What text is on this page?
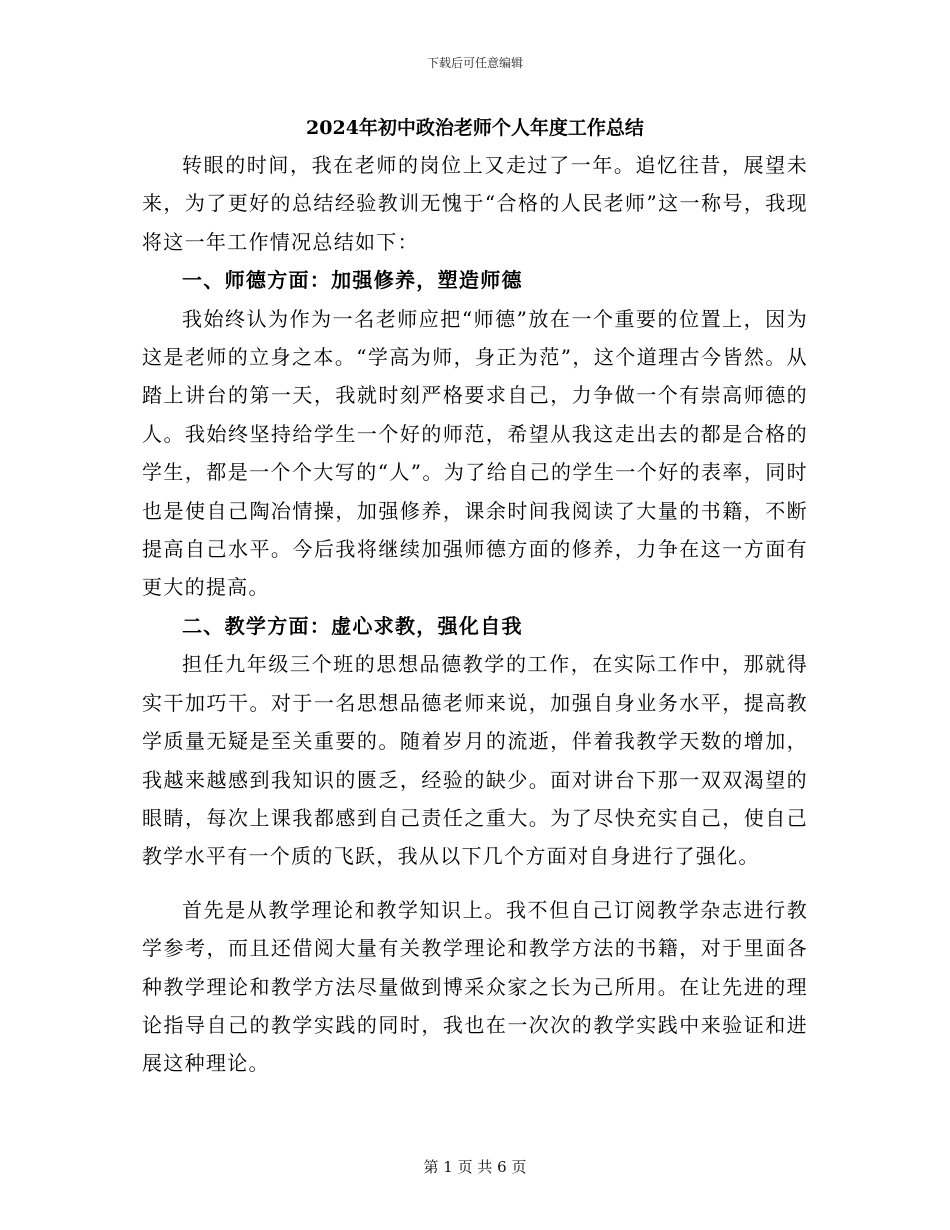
下载后可任意编辑
2024年初中政治老师个人年度工作总结

转眼的时间，我在老师的岗位上又走过了一年。追忆往昔，展望未来，为了更好的总结经验教训无愧于“合格的人民老师”这一称号，我现将这一年工作情况总结如下：

一、师德方面：加强修养，塑造师德

我始终认为作为一名老师应把“师德”放在一个重要的位置上，因为这是老师的立身之本。“学高为师，身正为范”，这个道理古今皆然。从踏上讲台的第一天，我就时刻严格要求自己，力争做一个有崇高师德的人。我始终坚持给学生一个好的师范，希望从我这走出去的都是合格的学生，都是一个个大写的“人”。为了给自己的学生一个好的表率，同时也是使自己陶冶情操，加强修养，课余时间我阅读了大量的书籍，不断提高自己水平。今后我将继续加强师德方面的修养，力争在这一方面有更大的提高。

二、教学方面：虚心求教，强化自我

担任九年级三个班的思想品德教学的工作，在实际工作中，那就得实干加巧干。对于一名思想品德老师来说，加强自身业务水平，提高教学质量无疑是至关重要的。随着岁月的流逝，伴着我教学天数的增加，我越来越感到我知识的匮乏，经验的缺少。面对讲台下那一双双渴望的眼睛，每次上课我都感到自己责任之重大。为了尽快充实自己，使自己教学水平有一个质的飞跃，我从以下几个方面对自身进行了强化。

首先是从教学理论和教学知识上。我不但自己订阅教学杂志进行教学参考，而且还借阅大量有关教学理论和教学方法的书籍，对于里面各种教学理论和教学方法尽量做到博采众家之长为己所用。在让先进的理论指导自己的教学实践的同时，我也在一次次的教学实践中来验证和进展这种理论。

第 1 页 共 6 页
